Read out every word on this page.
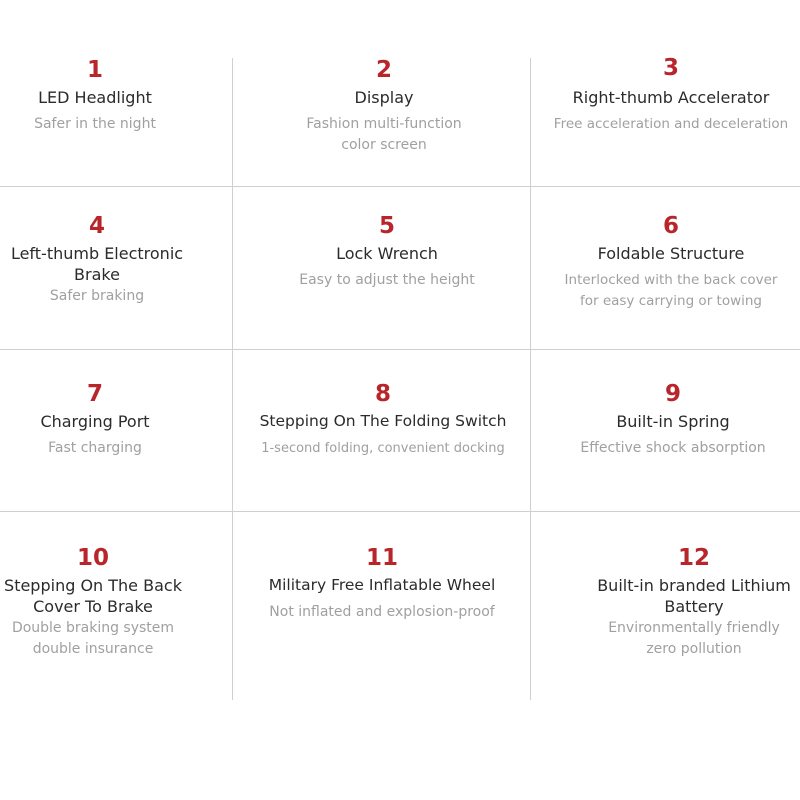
1
LED Headlight
Safer in the night
2
Display
Fashion multi-function
color screen
3
Right-thumb Accelerator
Free acceleration and deceleration
4
Left-thumb Electronic
Brake
Safer braking
5
Lock Wrench
Easy to adjust the height
6
Foldable Structure
Interlocked with the back cover
for easy carrying or towing
7
Charging Port
Fast charging
8
Stepping On The Folding Switch
1-second folding, convenient docking
9
Built-in Spring
Effective shock absorption
10
Stepping On The Back
Cover To Brake
Double braking system
double insurance
11
Military Free Inflatable Wheel
Not inflated and explosion-proof
12
Built-in branded Lithium
Battery
Environmentally friendly
zero pollution
